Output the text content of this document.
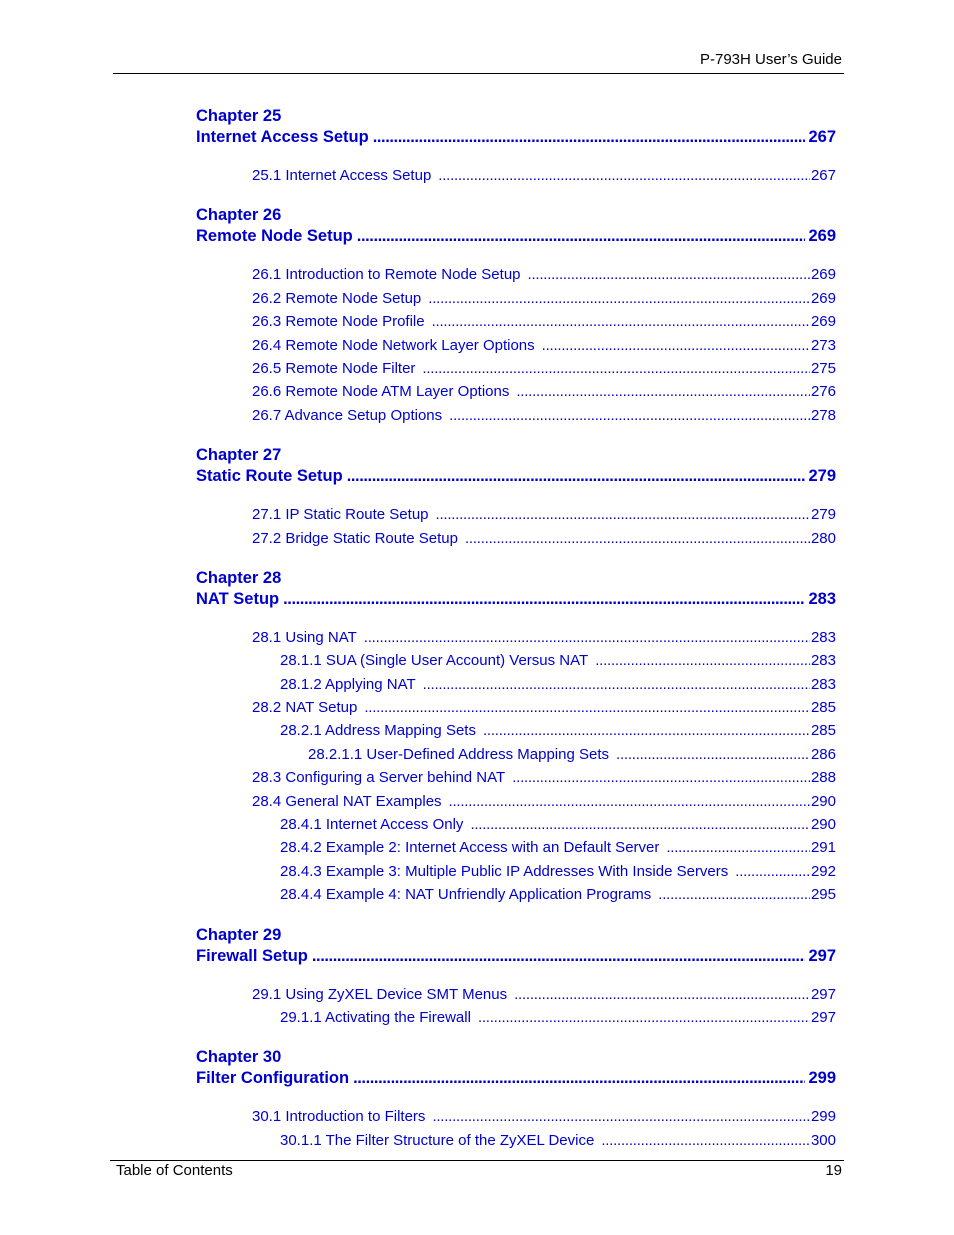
P-793H User’s Guide
Chapter 25
Internet Access Setup . . .	267
25.1 Internet Access Setup . . .	267
Chapter 26
Remote Node Setup . . .	269
26.1 Introduction to Remote Node Setup . . .	269
26.2 Remote Node Setup . . .	269
26.3 Remote Node Profile . . .	269
26.4 Remote Node Network Layer Options . . .	273
26.5 Remote Node Filter . . .	275
26.6 Remote Node ATM Layer Options . . .	276
26.7 Advance Setup Options . . .	278
Chapter 27
Static Route Setup . . .	279
27.1 IP Static Route Setup . . .	279
27.2 Bridge Static Route Setup . . .	280
Chapter 28
NAT Setup . . .	283
28.1 Using NAT . . .	283
28.1.1 SUA (Single User Account) Versus NAT . . .	283
28.1.2 Applying NAT . . .	283
28.2 NAT Setup . . .	285
28.2.1 Address Mapping Sets . . .	285
28.2.1.1 User-Defined Address Mapping Sets . . .	286
28.3 Configuring a Server behind NAT . . .	288
28.4 General NAT Examples . . .	290
28.4.1 Internet Access Only . . .	290
28.4.2 Example 2: Internet Access with an Default Server . . .	291
28.4.3 Example 3: Multiple Public IP Addresses With Inside Servers . . .	292
28.4.4 Example 4: NAT Unfriendly Application Programs . . .	295
Chapter 29
Firewall Setup . . .	297
29.1 Using ZyXEL Device SMT Menus . . .	297
29.1.1 Activating the Firewall . . .	297
Chapter 30
Filter Configuration . . .	299
30.1 Introduction to Filters . . .	299
30.1.1 The Filter Structure of the ZyXEL Device . . .	300
Table of Contents	19
